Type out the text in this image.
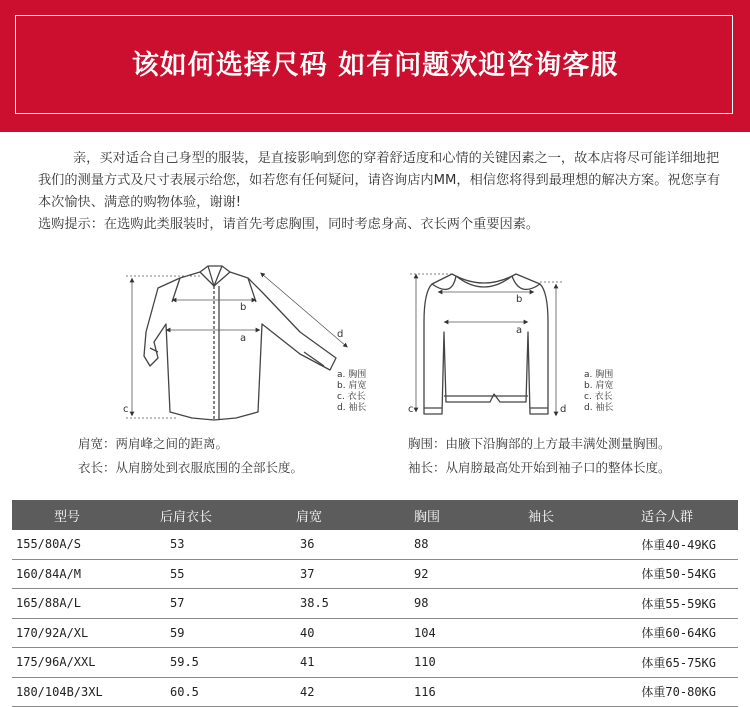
该如何选择尺码 如有问题欢迎咨询客服

亲，买对适合自己身型的服装，是直接影响到您的穿着舒适度和心情的关键因素之一，故本店将尽可能详细地把我们的测量方式及尺寸表展示给您，如若您有任何疑问，请咨询店内MM，相信您将得到最理想的解决方案。祝您享有本次愉快、满意的购物体验，谢谢!

选购提示：在选购此类服装时，请首先考虑胸围，同时考虑身高、衣长两个重要因素。

b
a
c
d
b
a
c	d
a. 胸围
b. 肩宽
c. 衣长
d. 袖长
a. 胸围
b. 肩宽
c. 衣长
d. 袖长
肩宽：两肩峰之间的距离。	胸围：由腋下沿胸部的上方最丰满处测量胸围。
衣长：从肩膀处到衣服底围的全部长度。	袖长：从肩膀最高处开始到袖子口的整体长度。
型号	后肩衣长	肩宽	胸围	袖长	适合人群
155/80A/S	53	36	88		体重40-49KG
160/84A/M	55	37	92		体重50-54KG
165/88A/L	57	38.5	98		体重55-59KG
170/92A/XL	59	40	104		体重60-64KG
175/96A/XXL	59.5	41	110		体重65-75KG
180/104B/3XL	60.5	42	116		体重70-80KG
